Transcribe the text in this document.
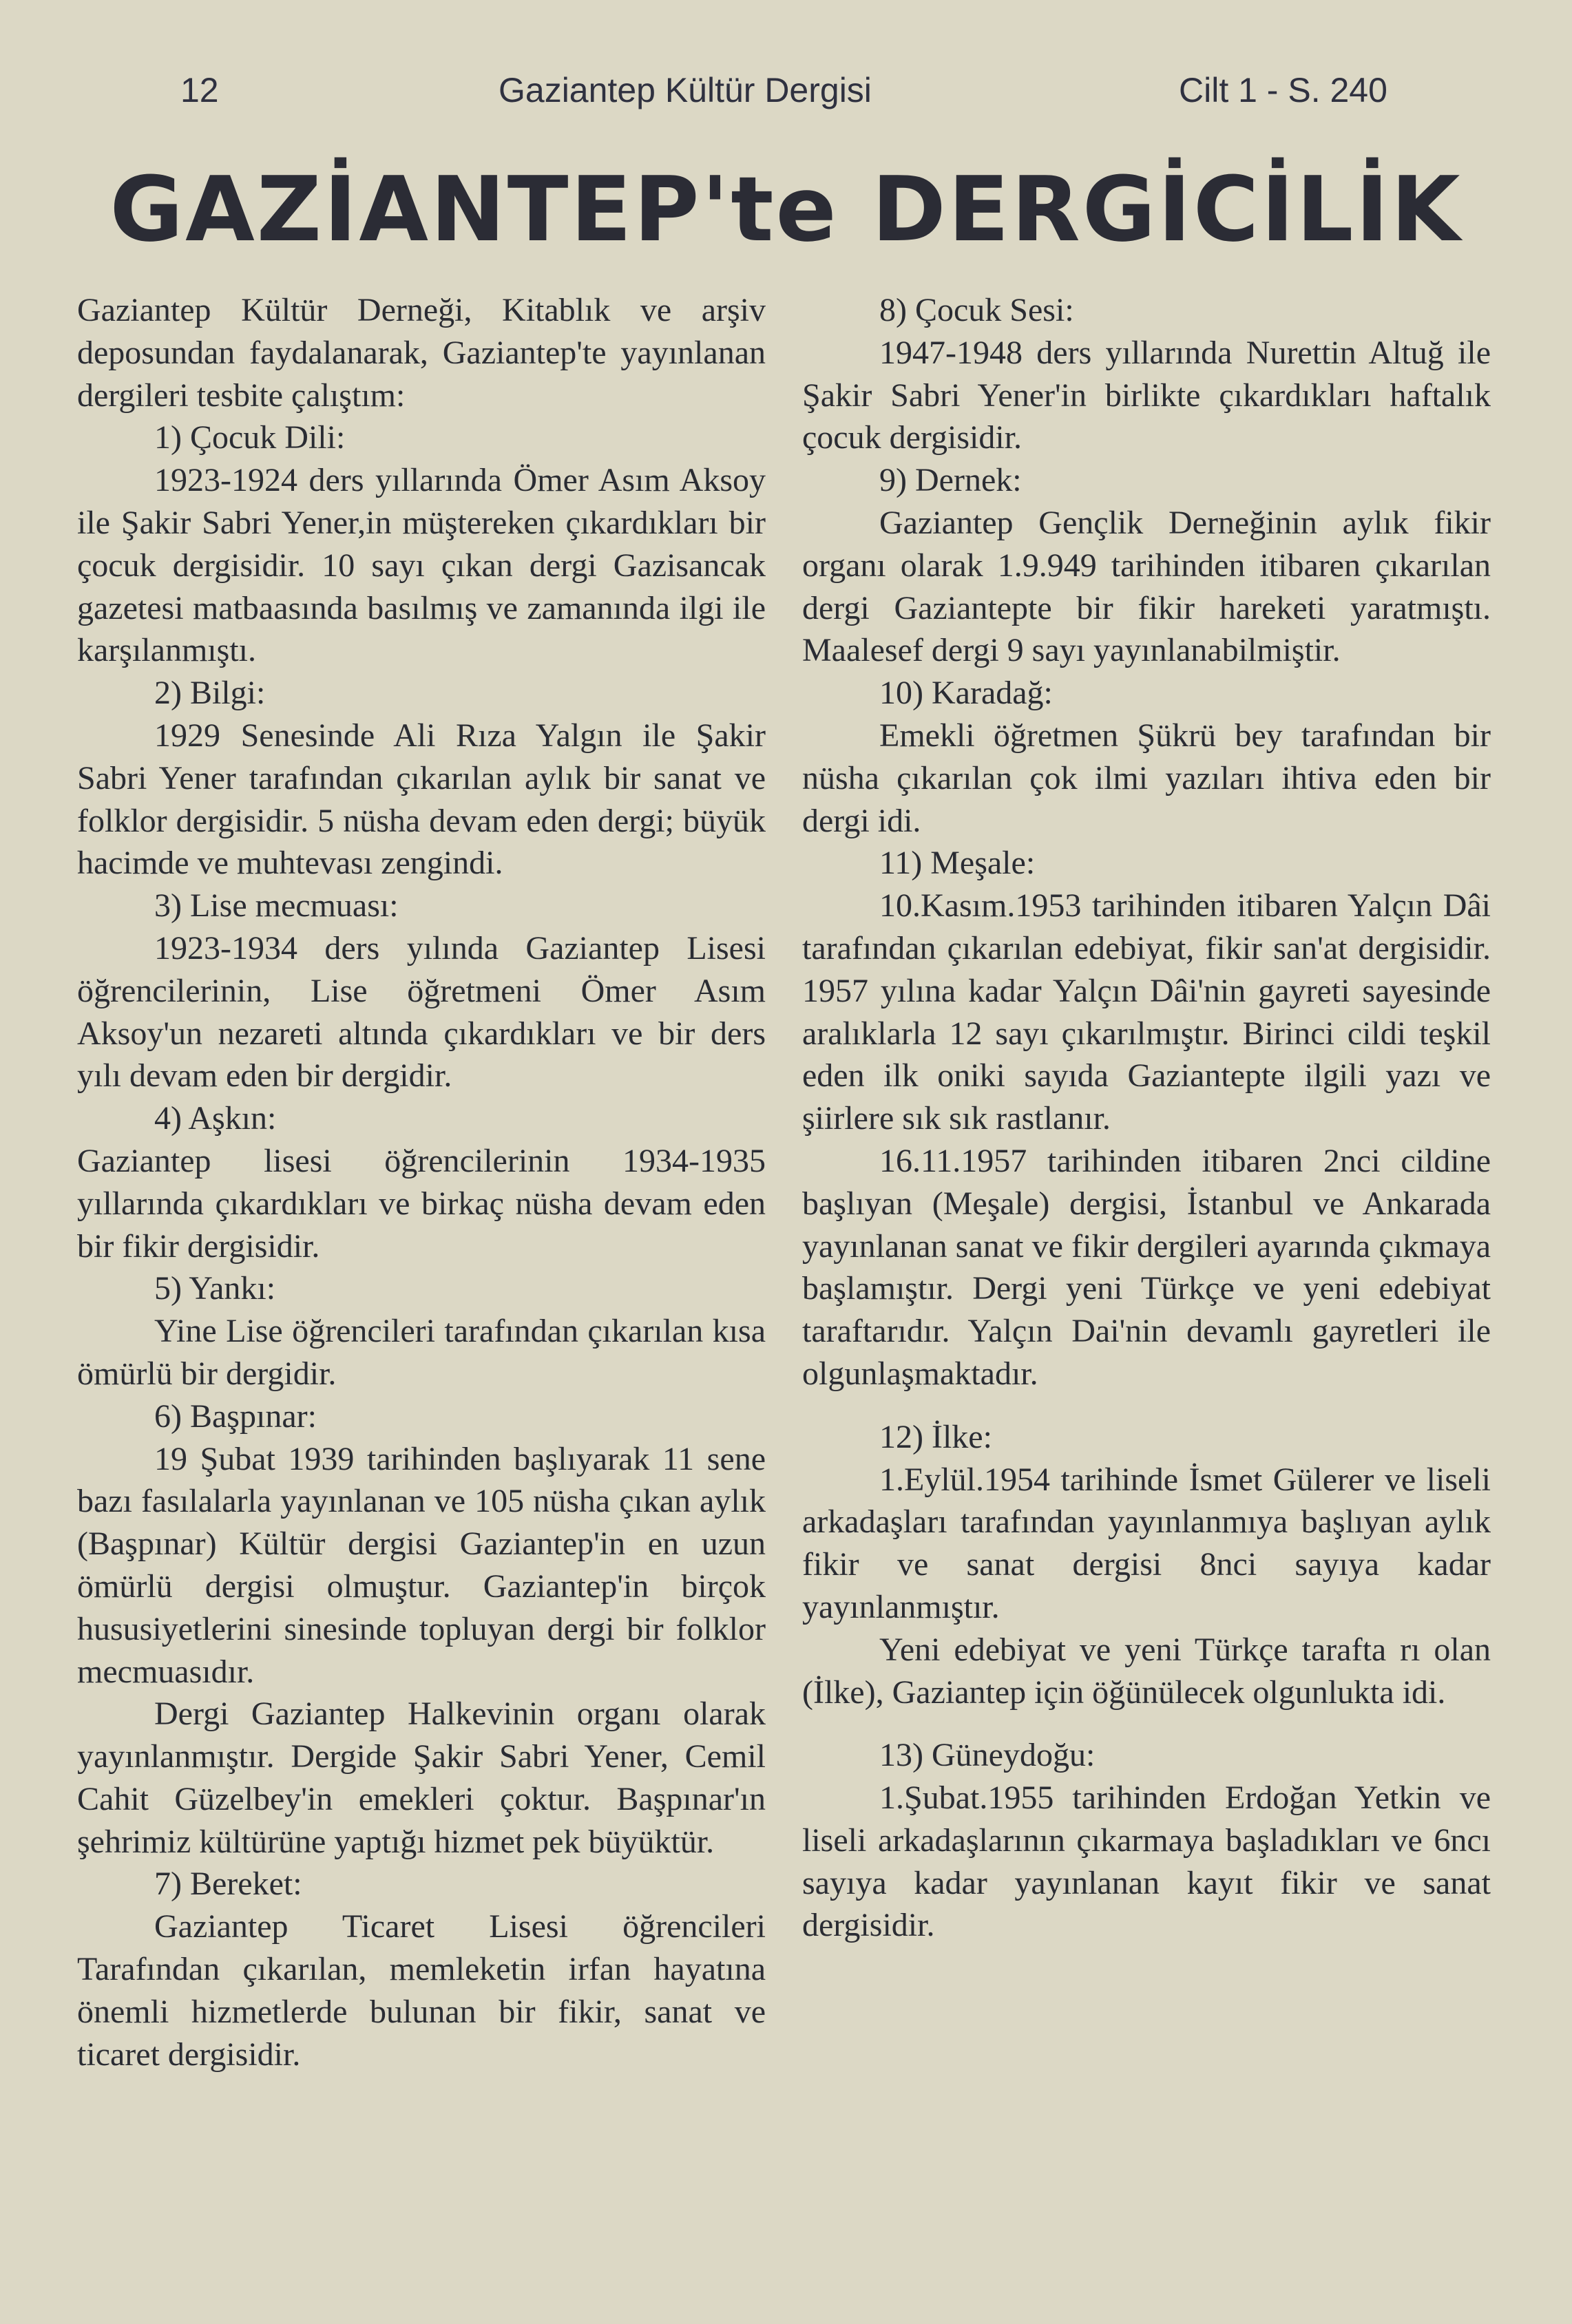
12	Gaziantep Kültür Dergisi	Cilt 1 - S. 240
GAZİANTEP'te DERGİCİLİK

Gaziantep Kültür Derneği, Kitablık ve arşiv deposundan faydalanarak, Gaziantep'te yayınlanan dergileri tesbite çalıştım:

1) Çocuk Dili:

1923-1924 ders yıllarında Ömer Asım Aksoy ile Şakir Sabri Yener,in müştereken çıkardıkları bir çocuk dergisidir. 10 sayı çıkan dergi Gazisancak gazetesi matbaasında basılmış ve zamanında ilgi ile karşılanmıştı.

2) Bilgi:

1929 Senesinde Ali Rıza Yalgın ile Şakir Sabri Yener tarafından çıkarılan aylık bir sanat ve folklor dergisidir. 5 nüsha devam eden dergi; büyük hacimde ve muhtevası zengindi.

3) Lise mecmuası:

1923-1934 ders yılında Gaziantep Lisesi öğrencilerinin, Lise öğretmeni Ömer Asım Aksoy'un nezareti altında çıkardıkları ve bir ders yılı devam eden bir dergidir.

4) Aşkın:

Gaziantep lisesi öğrencilerinin 1934-1935 yıllarında çıkardıkları ve birkaç nüsha devam eden bir fikir dergisidir.

5) Yankı:

Yine Lise öğrencileri tarafından çıkarılan kısa ömürlü bir dergidir.

6) Başpınar:

19 Şubat 1939 tarihinden başlıyarak 11 sene bazı fasılalarla yayınlanan ve 105 nüsha çıkan aylık (Başpınar) Kültür dergisi Gaziantep'in en uzun ömürlü dergisi olmuştur. Gaziantep'in birçok hususiyetlerini sinesinde topluyan dergi bir folklor mecmuasıdır.

Dergi Gaziantep Halkevinin organı olarak yayınlanmıştır. Dergide Şakir Sabri Yener, Cemil Cahit Güzelbey'in emekleri çoktur. Başpınar'ın şehrimiz kültürüne yaptığı hizmet pek büyüktür.

7) Bereket:

Gaziantep Ticaret Lisesi öğrencileri Tarafından çıkarılan, memleketin irfan hayatına önemli hizmetlerde bulunan bir fikir, sanat ve ticaret dergisidir.

8) Çocuk Sesi:

1947-1948 ders yıllarında Nurettin Altuğ ile Şakir Sabri Yener'in birlikte çıkardıkları haftalık çocuk dergisidir.

9) Dernek:

Gaziantep Gençlik Derneğinin aylık fikir organı olarak 1.9.949 tarihinden itibaren çıkarılan dergi Gaziantepte bir fikir hareketi yaratmıştı. Maalesef dergi 9 sayı yayınlanabilmiştir.

10) Karadağ:

Emekli öğretmen Şükrü bey tarafından bir nüsha çıkarılan çok ilmi yazıları ihtiva eden bir dergi idi.

11) Meşale:

10.Kasım.1953 tarihinden itibaren Yalçın Dâi tarafından çıkarılan edebiyat, fikir san'at dergisidir. 1957 yılına kadar Yalçın Dâi'nin gayreti sayesinde aralıklarla 12 sayı çıkarılmıştır. Birinci cildi teşkil eden ilk oniki sayıda Gaziantepte ilgili yazı ve şiirlere sık sık rastlanır.

16.11.1957 tarihinden itibaren 2nci cildine başlıyan (Meşale) dergisi, İstanbul ve Ankarada yayınlanan sanat ve fikir dergileri ayarında çıkmaya başlamıştır. Dergi yeni Türkçe ve yeni edebiyat taraftarıdır. Yalçın Dai'nin devamlı gayretleri ile olgunlaşmaktadır.

12) İlke:

1.Eylül.1954 tarihinde İsmet Gülerer ve liseli arkadaşları tarafından yayınlanmıya başlıyan aylık fikir ve sanat dergisi 8nci sayıya kadar yayınlanmıştır.

Yeni edebiyat ve yeni Türkçe tarafta rı olan (İlke), Gaziantep için öğünülecek olgunlukta idi.

13) Güneydoğu:

1.Şubat.1955 tarihinden Erdoğan Yetkin ve liseli arkadaşlarının çıkarmaya başladıkları ve 6ncı sayıya kadar yayınlanan kayıt fikir ve sanat dergisidir.
